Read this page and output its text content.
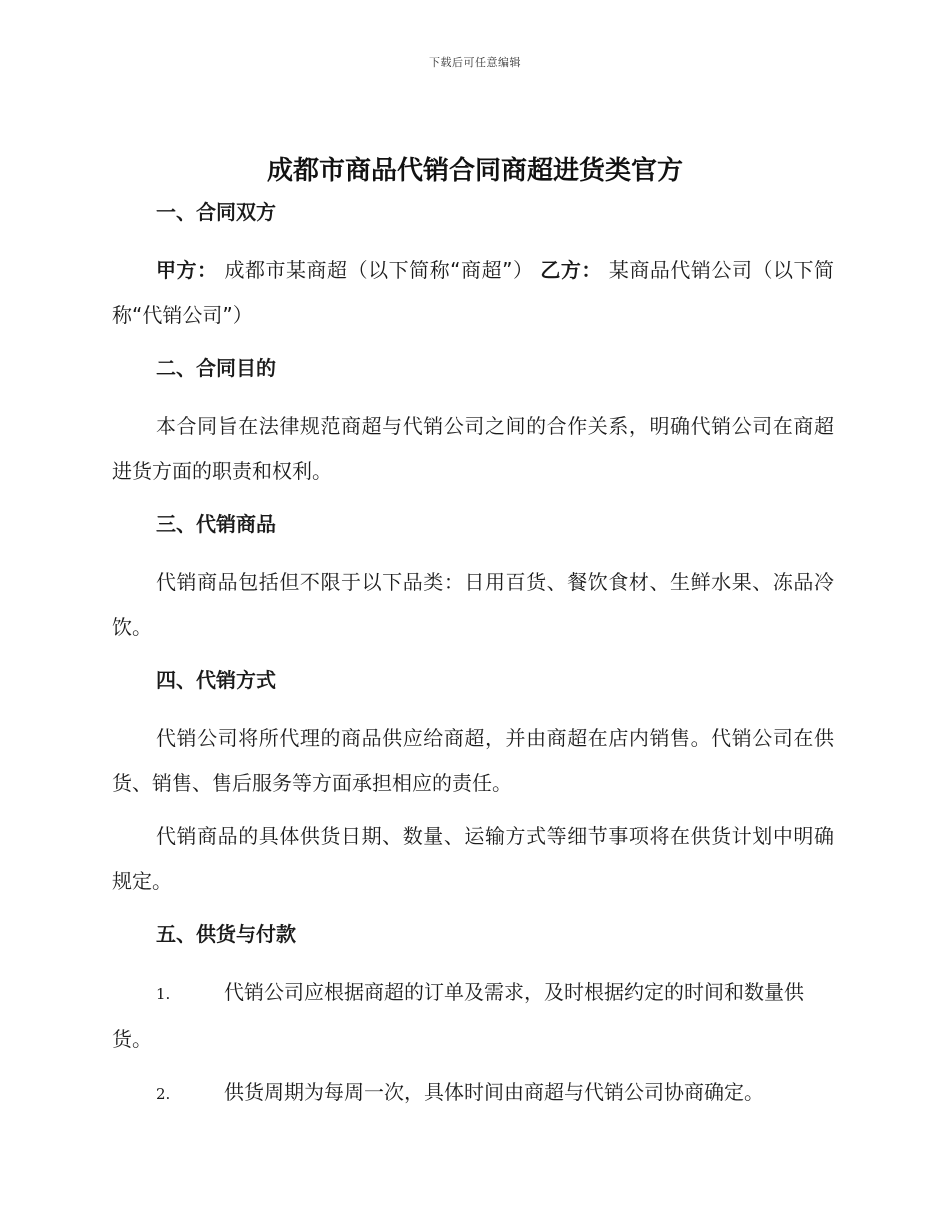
下载后可任意编辑
成都市商品代销合同商超进货类官方
一、合同双方
甲方： 成都市某商超（以下简称“商超”） 乙方： 某商品代销公司（以下简称“代销公司”）
二、合同目的
本合同旨在法律规范商超与代销公司之间的合作关系，明确代销公司在商超进货方面的职责和权利。
三、代销商品
代销商品包括但不限于以下品类：日用百货、餐饮食材、生鲜水果、冻品冷饮。
四、代销方式
代销公司将所代理的商品供应给商超，并由商超在店内销售。代销公司在供货、销售、售后服务等方面承担相应的责任。
代销商品的具体供货日期、数量、运输方式等细节事项将在供货计划中明确规定。
五、供货与付款
1.	代销公司应根据商超的订单及需求，及时根据约定的时间和数量供货。
2.	供货周期为每周一次，具体时间由商超与代销公司协商确定。
